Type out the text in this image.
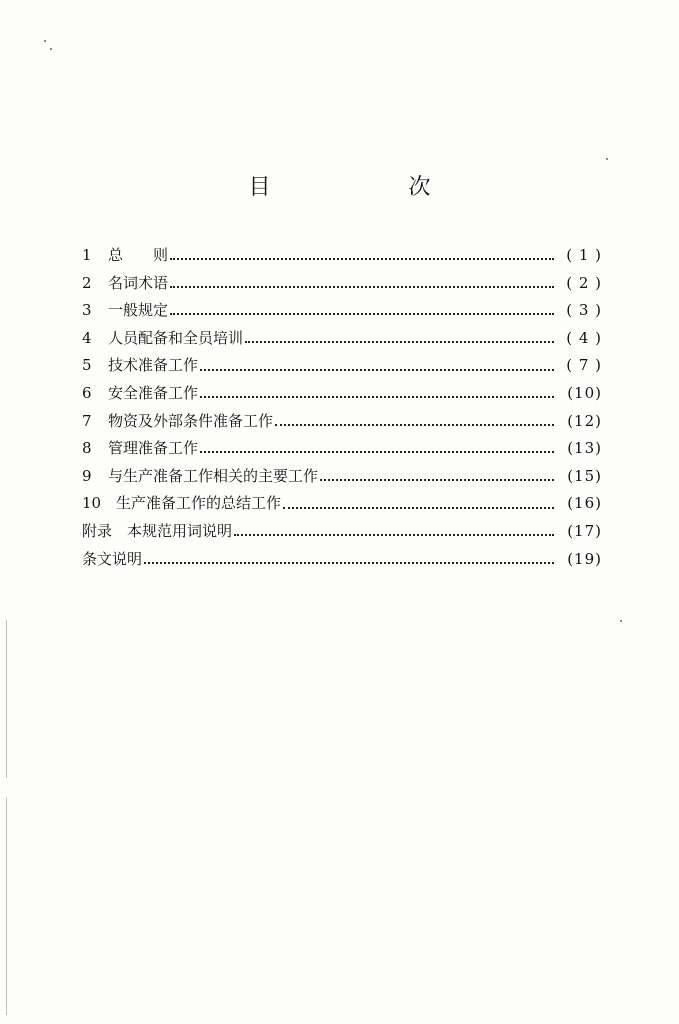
目　次
1	总　　则	( 1 )
2	名词术语	( 2 )
3	一般规定	( 3 )
4	人员配备和全员培训	( 4 )
5	技术准备工作	( 7 )
6	安全准备工作	(10)
7	物资及外部条件准备工作	(12)
8	管理准备工作	(13)
9	与生产准备工作相关的主要工作	(15)
10 生产准备工作的总结工作	(16)
附录　本规范用词说明	(17)
条文说明	(19)
